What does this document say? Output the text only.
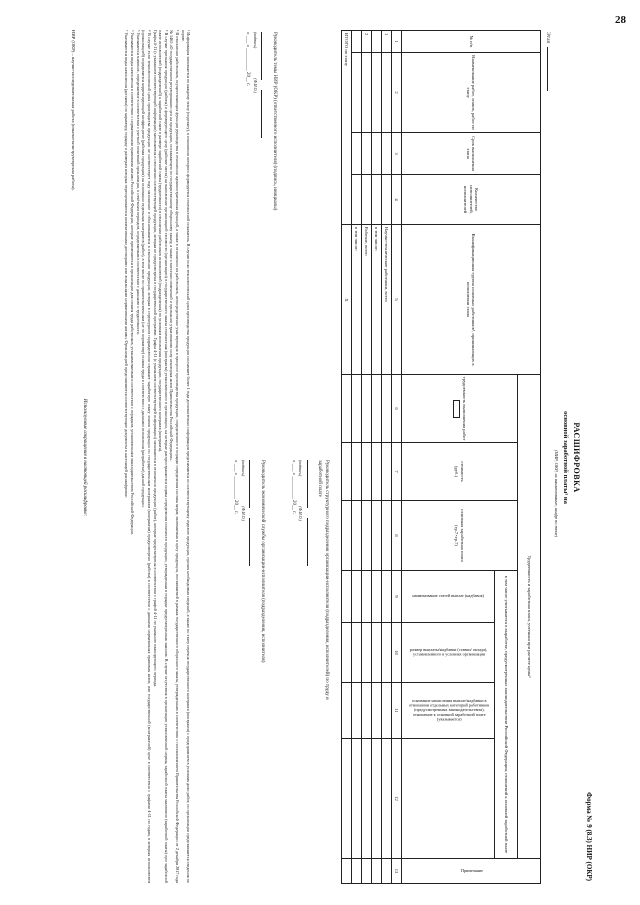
28
Форма № 9 (8.3) НИР (ОКР)
РАСШИФРОВКА
основной заработной платы¹ на
(НИР, ОКР, их наименование, шифр по теме)
Этап
№ п/п	Наименование работ, этапов, работ по этапу	Срок выполнения этапа	Количество исполнителей, исполнителей	Квалификационная группа основных работников², принимающих в исполнении этапа	Трудоемкость и заработная плата, учтенная при расчете цены³							Примечание
					трудоемкость выполнения работ	стоимость
(руб.)	основная заработная плата (гр.7×гр.7)	в том числе учитывается в выработке, предусмотренных законодательством Российской Федерации, отношений к основной заработной плате				
								наименование статей выплат (надбавок)	размер выплаты/надбавки (ставки/ оклада), установленного в условиях организации	основание начисления выплат/надбавки в отношении отдельных категорий работников (предусмотренных законодательством), отношение к основной заработной плате (указывается)		
1	2	3	4	5	6	7	8	9	10	11	12	13
1				Научно-технические работники, всего								
				в том числе:								
2				Рабочие, всего								
				в том числе:								
ИТОГО по этапу				X								
Руководитель темы НИР (ОКР) (ответственного исполнителя) (подпись, инициалы)
(подпись)(Ф.И.О.)
« ___ » _________ 20__ г.
Руководитель структурного подразделения организации-исполнителя (подразделения, исполнителей) по труду и заработной плате
(подпись)(Ф.И.О.)
« ___ » _________ 20__ г.
Руководитель экономической службы организации-исполнителя (подразделения, исполнителя)
(подпись)(Ф.И.О.)
« ___ » _________ 20__ г.

¹ Информация заполняется по каждому этапу (подэтапу), в отношении которого формируется стоимостной показатель. В случае если технологический цикл производства продукции составляет более 1 года дополнительно информация представляется по соответствующему изделию продукции, прочих необходимых сведений, а также по этапу перечня государственного контракта (контракта) с предприятием в условиях доли работ, по организации представляется сведения по норме.

² В отношении работников, осуществляющих функции руководства в отношении административных функций, а также в отношении их работников, непосредственно участвующих в процессе производства продукции, определенного в порядке определения состава затрат, включаемых в цену продукции, поставляемой в рамках государственного оборонного заказа, утвержденным в соответствии с постановлением Правительства Российской Федерации от 2 декабря 2017 года № 1465 «О государственном регулировании цен на продукцию, поставляемую по государственному оборонному заказу, а также о внесении изменений и признании утратившими силу некоторых актов Правительства Российской Федерации».

³ В случае признания продукции (работы) и формирующего цену (рабочие места) на выполнение организацией стоимости (организации) в государственного заказа стоимостная (контракта) установленного в организации, на которые распространяются нормы определения стоимости продукции, утвержденная в порядке предусмотренных законом. В случае отсутствия в организации установленной нормы, заработной платы заключено (заработной платы) при заработной плате исполнителей (подразделений) к заработной плате в размере заработной платы (трудоемкости) в отношении работников исполнителей (подразделения) по условиям исполнения продукции, государственного контракта (контракта).

Графы 4-11 (с указанием соответствующей информации) заполняются в отношении соответствующей продукции, которая не предусмотрена в государственной программе. Графы 4-11 (с указанием соответствующей информации) заполняются в отношении продукции (работ), которые предусмотрены в соответствии с графой 4-11 по указанию планирующего периода.

⁴ В случае если технологический цикл производства продукции не соответствует году заполнение и обосновывается в отношении продукции, которая в структурном подразделении отражает заработную плату этапов продукции по государственным контрактам (контрактам) предусмотрено (работы) в соответствии с данными нормативных правовых актов, или государственной (контрактной) цене в соответствии с графами 4-11 по годам, в которых исполнителем (организацией) определяется корректирующий коэффициент (рабочая продукция) на основании отдельных контрактов (работ), в том числе по правительственным (не по нормативу) оплаты труда в соответствии с данными исполнения (разработки) данной продукции.

⁵ Указывается значение, определяемое в соответствии с учетной политикой организации, и отчётным периодом, определяемым в соответствии с данными о трудоемкости.

⁶ Указываются виды начисления в соответствии с нормативными правовыми актами Российской Федерации, которые применяются в организации для оплаты труда работников, устанавливаемым в соответствии с порядком, установленным законодательством Российской Федерации.

⁷ Указываются виды начисления (доплаты) по характеру, порядку и размерам которых переоцениваются коллективными договорами или локальными нормативными актами. Организацией представляются соответствующие документы к настоящей расшифровке.

Используемые сокращения в настоящей расшифровке:
НИР (ОКР) – научно-исследовательская работа (опытно-конструкторская работа).
